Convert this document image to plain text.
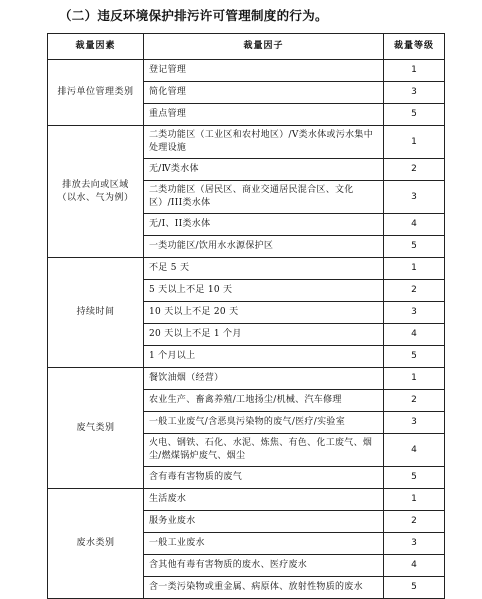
（二）违反环境保护排污许可管理制度的行为。
裁量因素	裁量因子	裁量等级
排污单位管理类别	登记管理	1
	简化管理	3
	重点管理	5
排放去向或区域（以水、气为例）	二类功能区（工业区和农村地区）/V类水体或污水集中处理设施	1
	无/Ⅳ类水体	2
	二类功能区（居民区、商业交通居民混合区、文化区）/III类水体	3
	无/I、II类水体	4
	一类功能区/饮用水水源保护区	5
持续时间	不足 5 天	1
	5 天以上不足 10 天	2
	10 天以上不足 20 天	3
	20 天以上不足 1 个月	4
	1 个月以上	5
废气类别	餐饮油烟（经营）	1
	农业生产、畜禽养殖/工地扬尘/机械、汽车修理	2
	一般工业废气/含恶臭污染物的废气/医疗/实验室	3
	火电、钢铁、石化、水泥、炼焦、有色、化工废气、烟尘/燃煤锅炉废气、烟尘	4
	含有毒有害物质的废气	5
废水类别	生活废水	1
	服务业废水	2
	一般工业废水	3
	含其他有毒有害物质的废水、医疗废水	4
	含一类污染物或重金属、病原体、放射性物质的废水	5
